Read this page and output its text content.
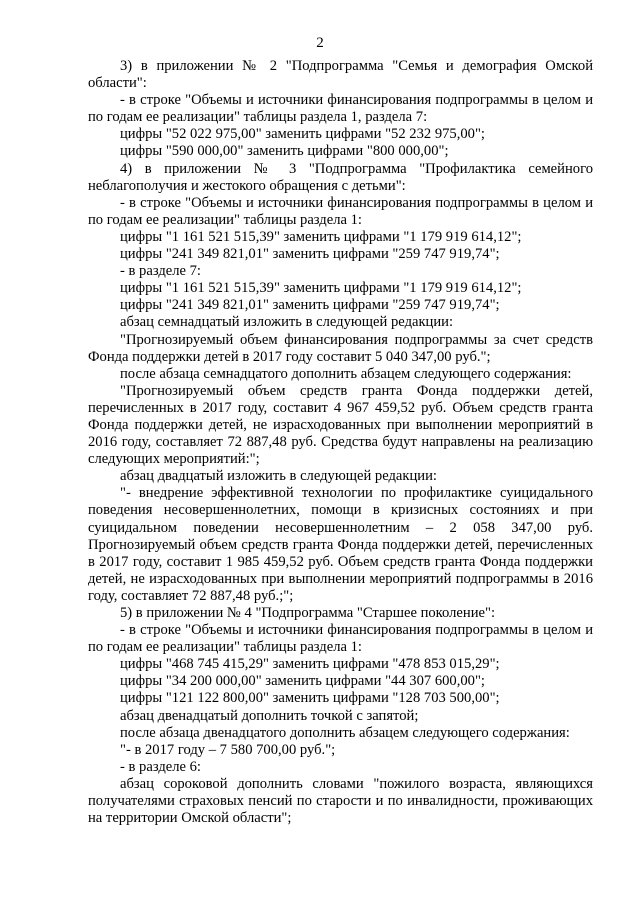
2

3) в приложении № 2 "Подпрограмма "Семья и демография Омской области":

- в строке "Объемы и источники финансирования подпрограммы в целом и по годам ее реализации" таблицы раздела 1, раздела 7:

цифры "52 022 975,00" заменить цифрами "52 232 975,00";

цифры "590 000,00" заменить цифрами "800 000,00";

4) в приложении № 3 "Подпрограмма "Профилактика семейного неблагополучия и жестокого обращения с детьми":

- в строке "Объемы и источники финансирования подпрограммы в целом и по годам ее реализации" таблицы раздела 1:

цифры "1 161 521 515,39" заменить цифрами "1 179 919 614,12";

цифры "241 349 821,01" заменить цифрами "259 747 919,74";

- в разделе 7:

цифры "1 161 521 515,39" заменить цифрами "1 179 919 614,12";

цифры "241 349 821,01" заменить цифрами "259 747 919,74";

абзац семнадцатый изложить в следующей редакции:

"Прогнозируемый объем финансирования подпрограммы за счет средств Фонда поддержки детей в 2017 году составит 5 040 347,00 руб.";

после абзаца семнадцатого дополнить абзацем следующего содержания:

"Прогнозируемый объем средств гранта Фонда поддержки детей, перечисленных в 2017 году, составит 4 967 459,52 руб. Объем средств гранта Фонда поддержки детей, не израсходованных при выполнении мероприятий в 2016 году, составляет 72 887,48 руб. Средства будут направлены на реализацию следующих мероприятий:";

абзац двадцатый изложить в следующей редакции:

"- внедрение эффективной технологии по профилактике суицидального поведения несовершеннолетних, помощи в кризисных состояниях и при суицидальном поведении несовершеннолетним – 2 058 347,00 руб. Прогнозируемый объем средств гранта Фонда поддержки детей, перечисленных в 2017 году, составит 1 985 459,52 руб. Объем средств гранта Фонда поддержки детей, не израсходованных при выполнении мероприятий подпрограммы в 2016 году, составляет 72 887,48 руб.;";

5) в приложении № 4 "Подпрограмма "Старшее поколение":

- в строке "Объемы и источники финансирования подпрограммы в целом и по годам ее реализации" таблицы раздела 1:

цифры "468 745 415,29" заменить цифрами "478 853 015,29";

цифры "34 200 000,00" заменить цифрами "44 307 600,00";

цифры "121 122 800,00" заменить цифрами "128 703 500,00";

абзац двенадцатый дополнить точкой с запятой;

после абзаца двенадцатого дополнить абзацем следующего содержания:

"- в 2017 году – 7 580 700,00 руб.";

- в разделе 6:

абзац сороковой дополнить словами "пожилого возраста, являющихся получателями страховых пенсий по старости и по инвалидности, проживающих на территории Омской области";
